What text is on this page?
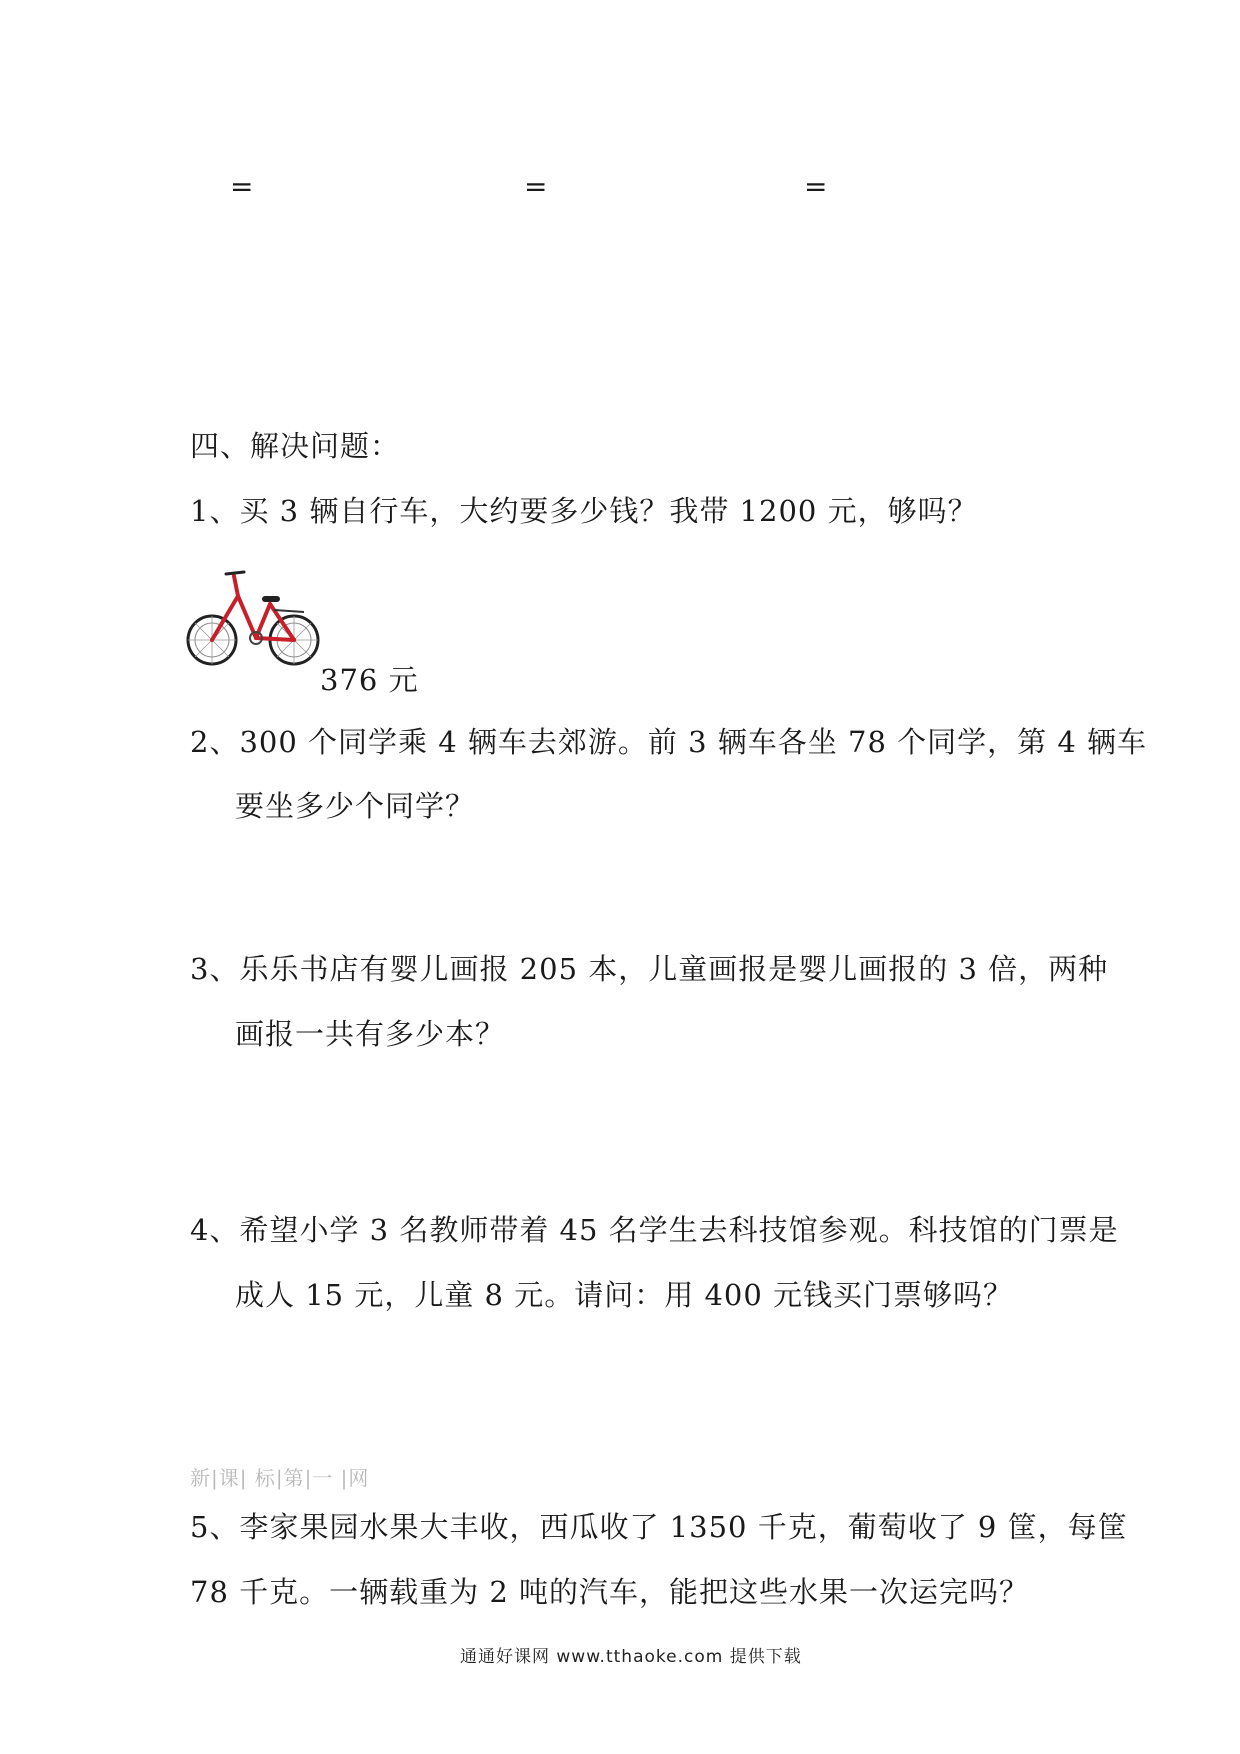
=	=	=
四、解决问题：
1、买 3 辆自行车，大约要多少钱？我带 1200 元，够吗？
376 元
2、300 个同学乘 4 辆车去郊游。前 3 辆车各坐 78 个同学，第 4 辆车
要坐多少个同学？
3、乐乐书店有婴儿画报 205 本，儿童画报是婴儿画报的 3 倍，两种
画报一共有多少本？
4、希望小学 3 名教师带着 45 名学生去科技馆参观。科技馆的门票是
成人 15 元，儿童 8 元。请问：用 400 元钱买门票够吗？
新|课| 标|第|一 |网
5、李家果园水果大丰收，西瓜收了 1350 千克，葡萄收了 9 筐，每筐
78 千克。一辆载重为 2 吨的汽车，能把这些水果一次运完吗？
通通好课网 www.tthaoke.com 提供下载
